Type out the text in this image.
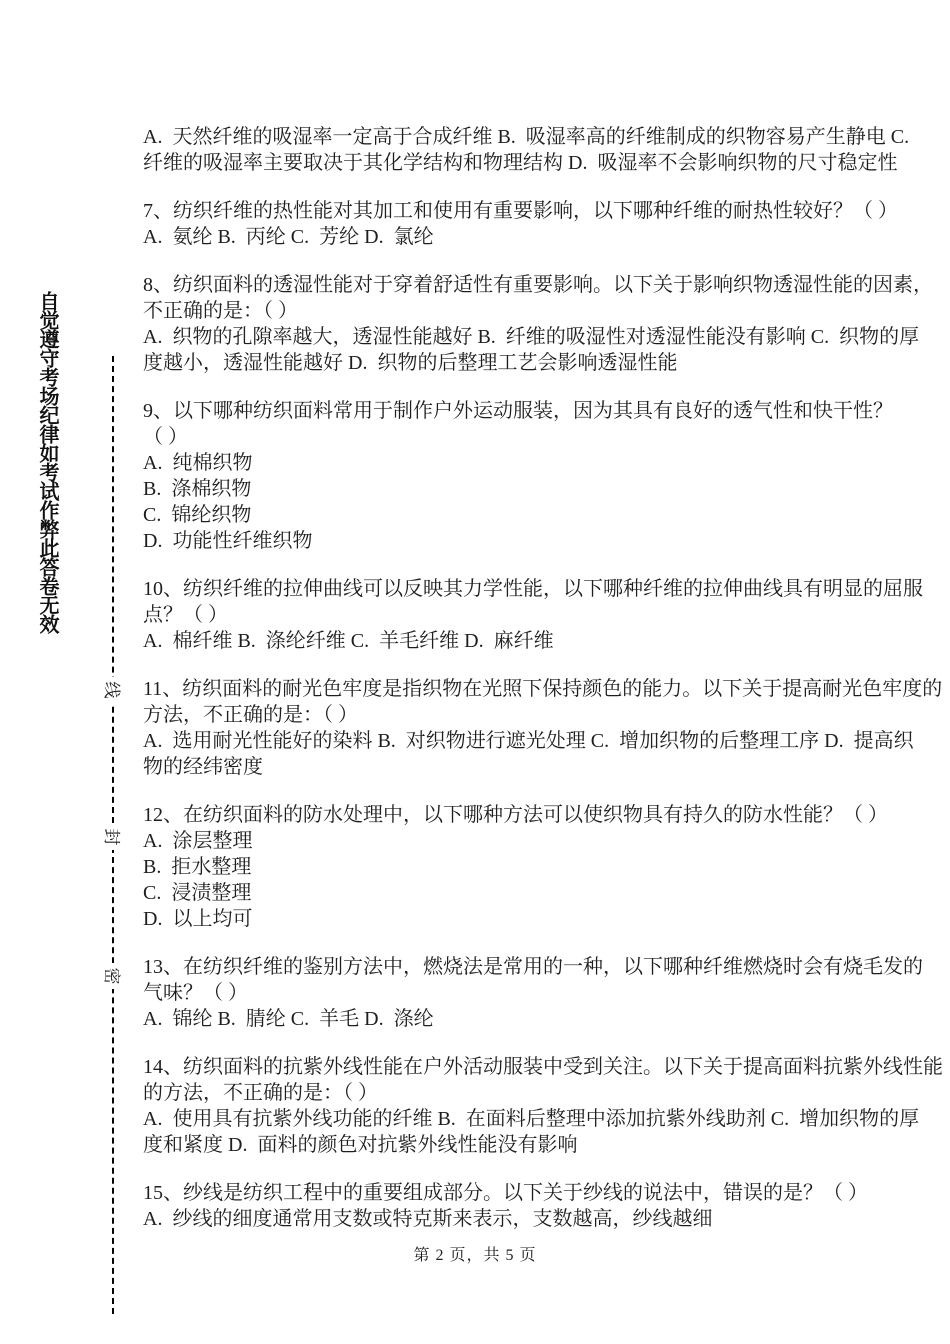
自觉遵守考场纪律如考试作弊此答卷无效
线
封
密
A.  天然纤维的吸湿率一定高于合成纤维 B.  吸湿率高的纤维制成的织物容易产生静电 C.
纤维的吸湿率主要取决于其化学结构和物理结构 D.  吸湿率不会影响织物的尺寸稳定性
7、纺织纤维的热性能对其加工和使用有重要影响，以下哪种纤维的耐热性较好？（ ）
A.  氨纶 B.  丙纶 C.  芳纶 D.  氯纶
8、纺织面料的透湿性能对于穿着舒适性有重要影响。以下关于影响织物透湿性能的因素，
不正确的是：（ ）
A.  织物的孔隙率越大，透湿性能越好 B.  纤维的吸湿性对透湿性能没有影响 C.  织物的厚
度越小，透湿性能越好 D.  织物的后整理工艺会影响透湿性能
9、以下哪种纺织面料常用于制作户外运动服装，因为其具有良好的透气性和快干性？
（ ）
A.  纯棉织物
B.  涤棉织物
C.  锦纶织物
D.  功能性纤维织物
10、纺织纤维的拉伸曲线可以反映其力学性能，以下哪种纤维的拉伸曲线具有明显的屈服
点？（ ）
A.  棉纤维 B.  涤纶纤维 C.  羊毛纤维 D.  麻纤维
11、纺织面料的耐光色牢度是指织物在光照下保持颜色的能力。以下关于提高耐光色牢度的
方法，不正确的是：（ ）
A.  选用耐光性能好的染料 B.  对织物进行遮光处理 C.  增加织物的后整理工序 D.  提高织
物的经纬密度
12、在纺织面料的防水处理中，以下哪种方法可以使织物具有持久的防水性能？（ ）
A.  涂层整理
B.  拒水整理
C.  浸渍整理
D.  以上均可
13、在纺织纤维的鉴别方法中，燃烧法是常用的一种，以下哪种纤维燃烧时会有烧毛发的
气味？（ ）
A.  锦纶 B.  腈纶 C.  羊毛 D.  涤纶
14、纺织面料的抗紫外线性能在户外活动服装中受到关注。以下关于提高面料抗紫外线性能
的方法，不正确的是：（ ）
A.  使用具有抗紫外线功能的纤维 B.  在面料后整理中添加抗紫外线助剂 C.  增加织物的厚
度和紧度 D.  面料的颜色对抗紫外线性能没有影响
15、纱线是纺织工程中的重要组成部分。以下关于纱线的说法中，错误的是？（ ）
A.  纱线的细度通常用支数或特克斯来表示，支数越高，纱线越细
第 2 页，共 5 页
